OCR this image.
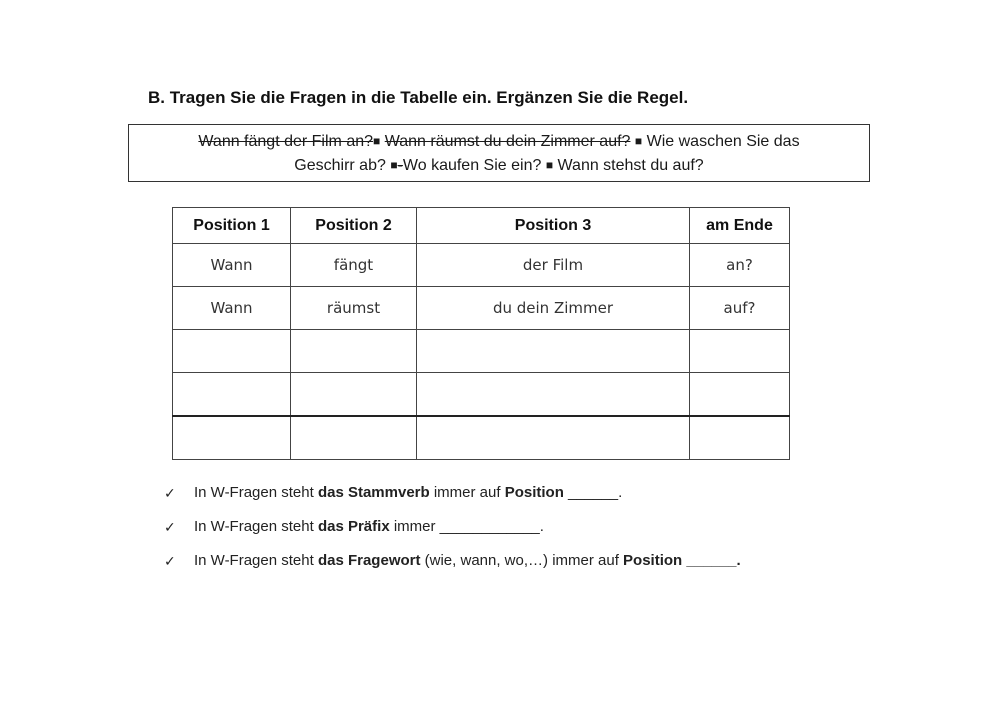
B. Tragen Sie die Fragen in die Tabelle ein. Ergänzen Sie die Regel.
Wann fängt der Film an?■ Wann räumst du dein Zimmer auf? ■ Wie waschen Sie das
Geschirr ab? ■-Wo kaufen Sie ein? ■ Wann stehst du auf?
Position 1	Position 2	Position 3	am Ende
Wann	fängt	der Film	an?
Wann	räumst	du dein Zimmer	auf?

✓	In W-Fragen steht das Stammverb immer auf Position ______.
✓	In W-Fragen steht das Präfix immer ____________.
✓	In W-Fragen steht das Fragewort (wie, wann, wo,…) immer auf Position ______.
